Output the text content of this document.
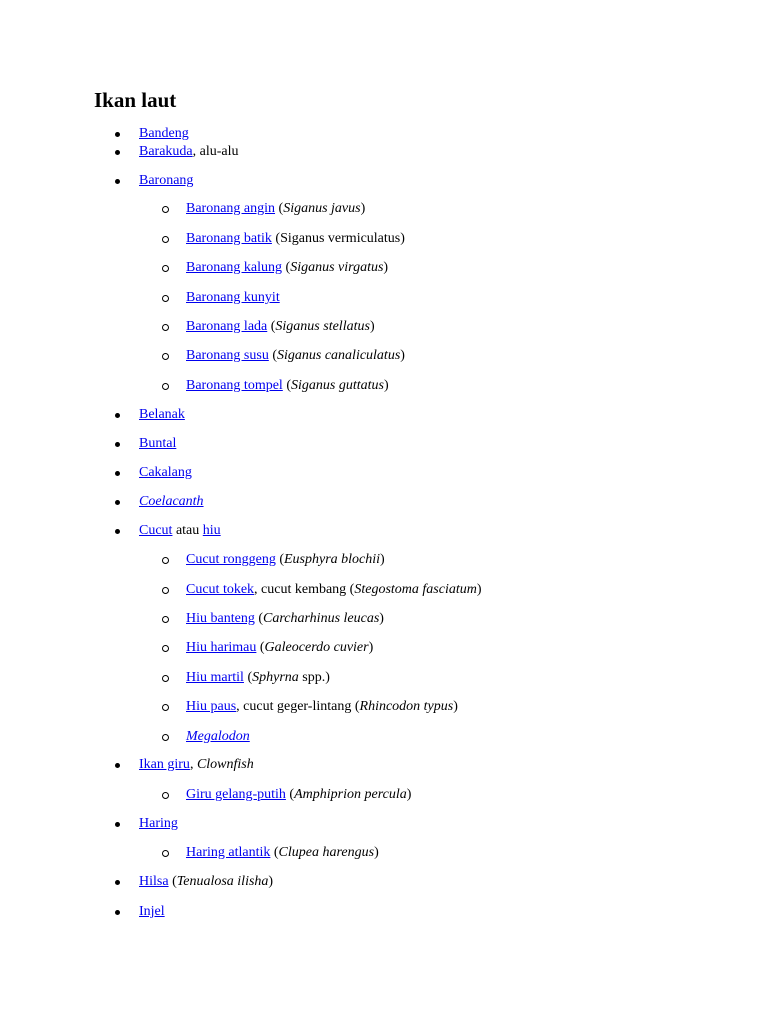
Ikan laut
Bandeng
Barakuda, alu-alu
Baronang
Baronang angin (Siganus javus)
Baronang batik (Siganus vermiculatus)
Baronang kalung (Siganus virgatus)
Baronang kunyit
Baronang lada (Siganus stellatus)
Baronang susu (Siganus canaliculatus)
Baronang tompel (Siganus guttatus)
Belanak
Buntal
Cakalang
Coelacanth
Cucut atau hiu
Cucut ronggeng (Eusphyra blochii)
Cucut tokek, cucut kembang (Stegostoma fasciatum)
Hiu banteng (Carcharhinus leucas)
Hiu harimau (Galeocerdo cuvier)
Hiu martil (Sphyrna spp.)
Hiu paus, cucut geger-lintang (Rhincodon typus)
Megalodon
Ikan giru, Clownfish
Giru gelang-putih (Amphiprion percula)
Haring
Haring atlantik (Clupea harengus)
Hilsa (Tenualosa ilisha)
Injel
